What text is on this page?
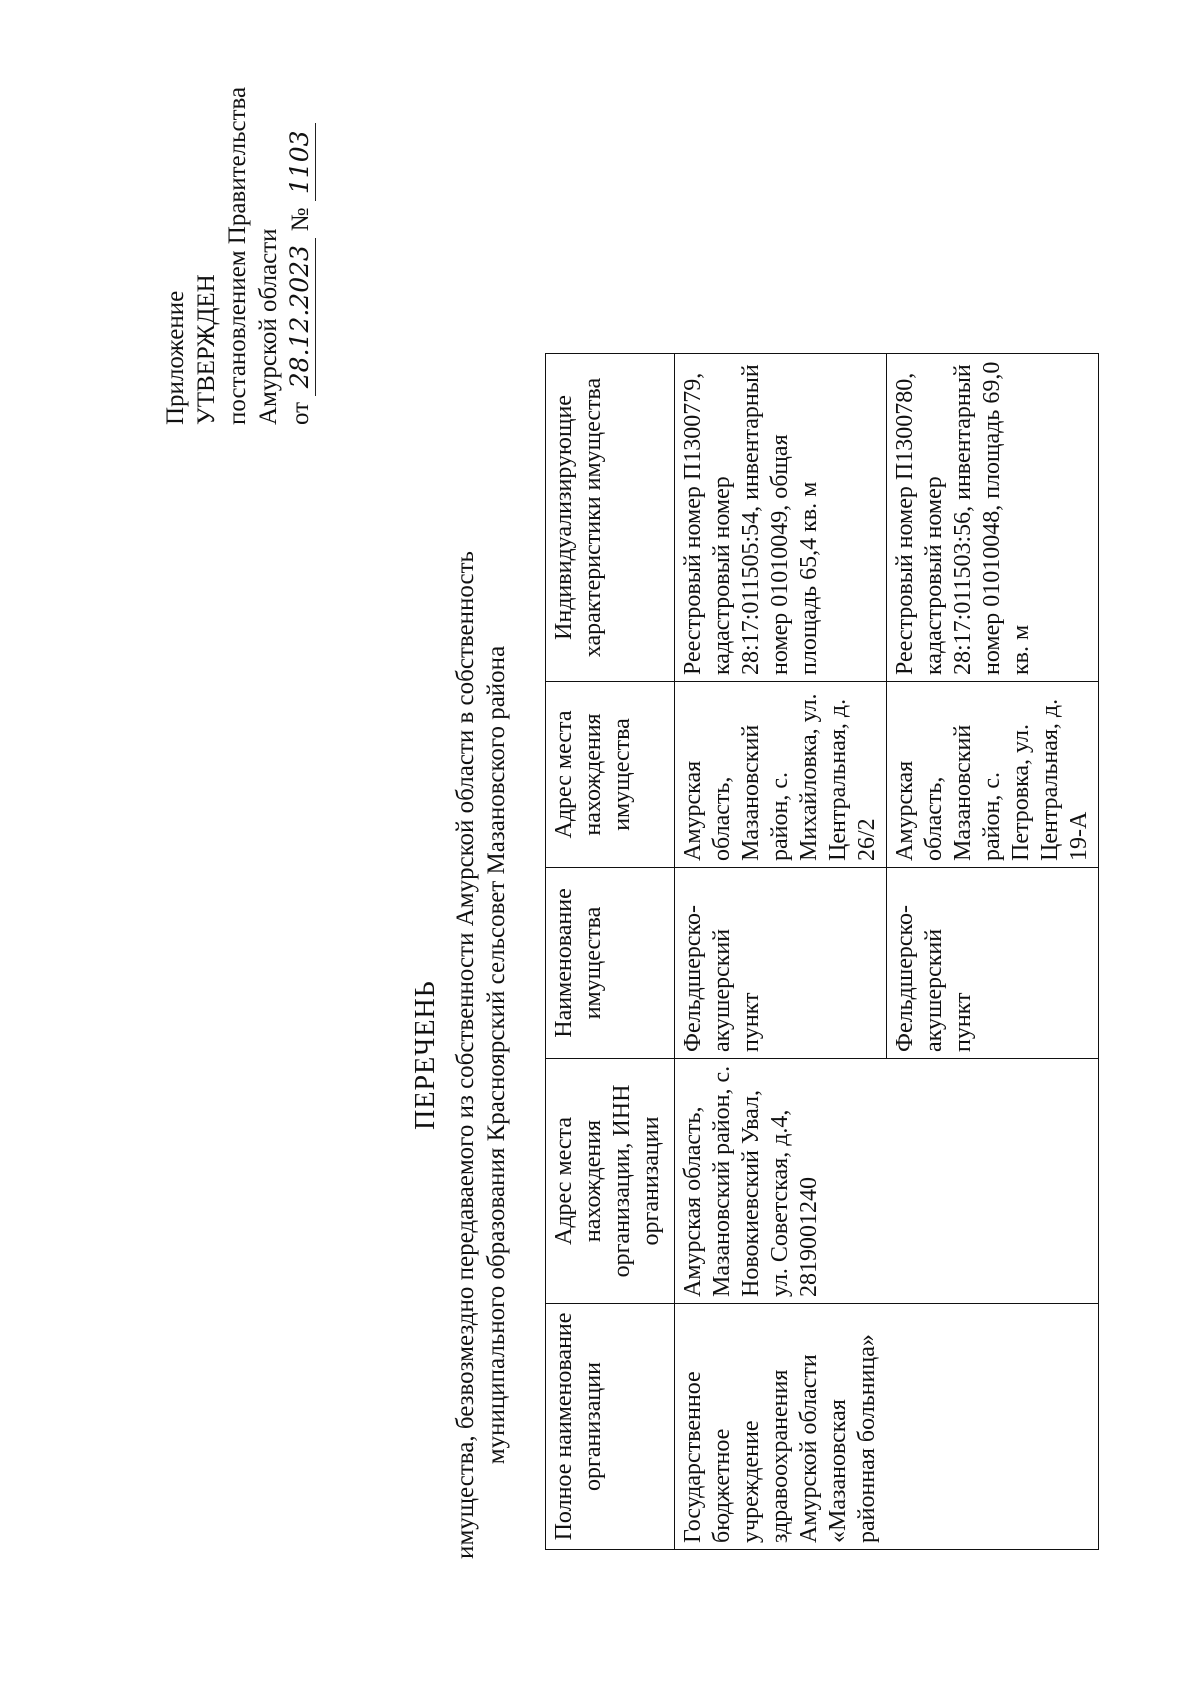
Приложение УТВЕРЖДЕН постановлением Правительства Амурской области от 28.12.2023 № 1103
ПЕРЕЧЕНЬ имущества, безвозмездно передаваемого из собственности Амурской области в собственность муниципального образования Красноярский сельсовет Мазановского района Полное наименование организации	Адрес места нахождения организации, ИНН организации	Наименование имущества	Адрес места нахождения имущества	Индивидуализирующие характеристики имущества
Государственное бюджетное учреждение здравоохранения Амурской области «Мазановская районная больница»	Амурская область, Мазановский район, с. Новокиевский Увал, ул. Советская, д.4, 2819001240	Фельдшерско-акушерский пункт	Амурская область, Мазановский район, с. Михайловка, ул. Центральная, д. 26/2	Реестровый номер П1300779, кадастровый номер 28:17:011505:54, инвентарный номер 01010049, общая площадь 65,4 кв. м
		Фельдшерско-акушерский пункт	Амурская область, Мазановский район, с. Петровка, ул. Центральная, д. 19-А	Реестровый номер П1300780, кадастровый номер 28:17:011503:56, инвентарный номер 01010048, площадь 69,0 кв. м
